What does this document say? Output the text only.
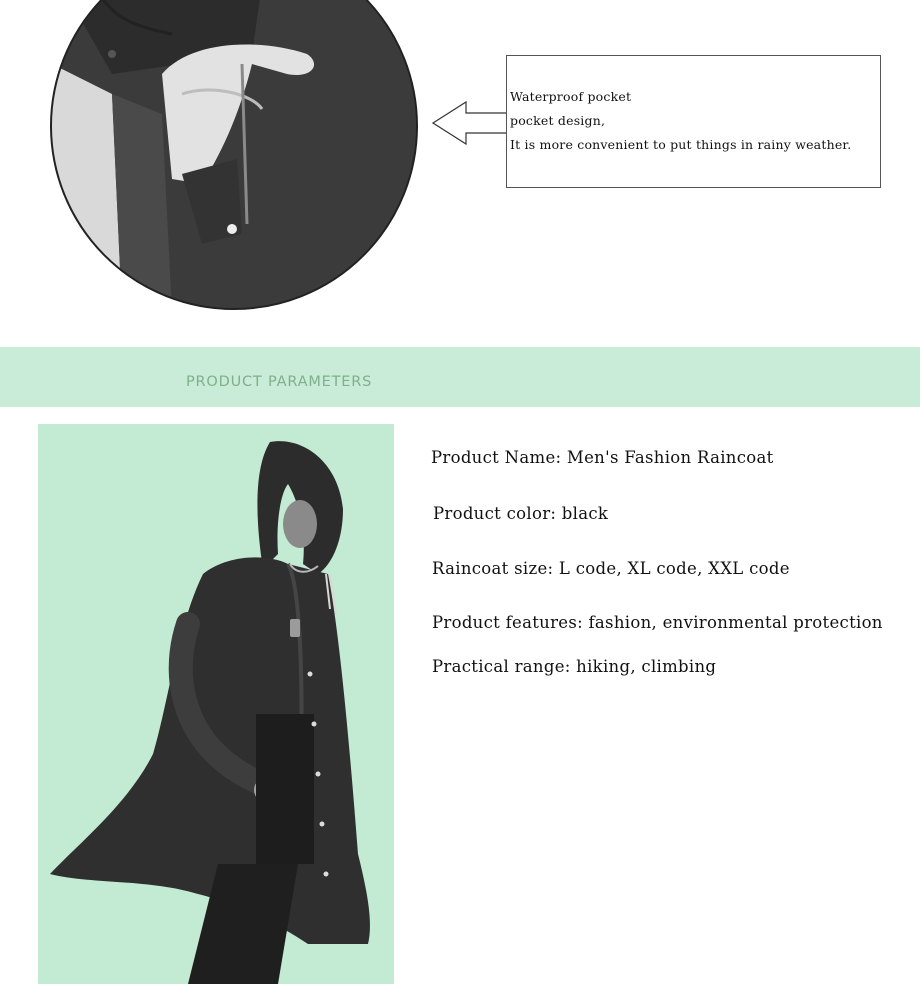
Waterproof pocket
pocket design,
It is more convenient to put things in rainy weather.
PRODUCT PARAMETERS
Product Name: Men's Fashion Raincoat
Product color: black
Raincoat size: L code, XL code, XXL code
Product features: fashion, environmental protection
Practical range: hiking, climbing
